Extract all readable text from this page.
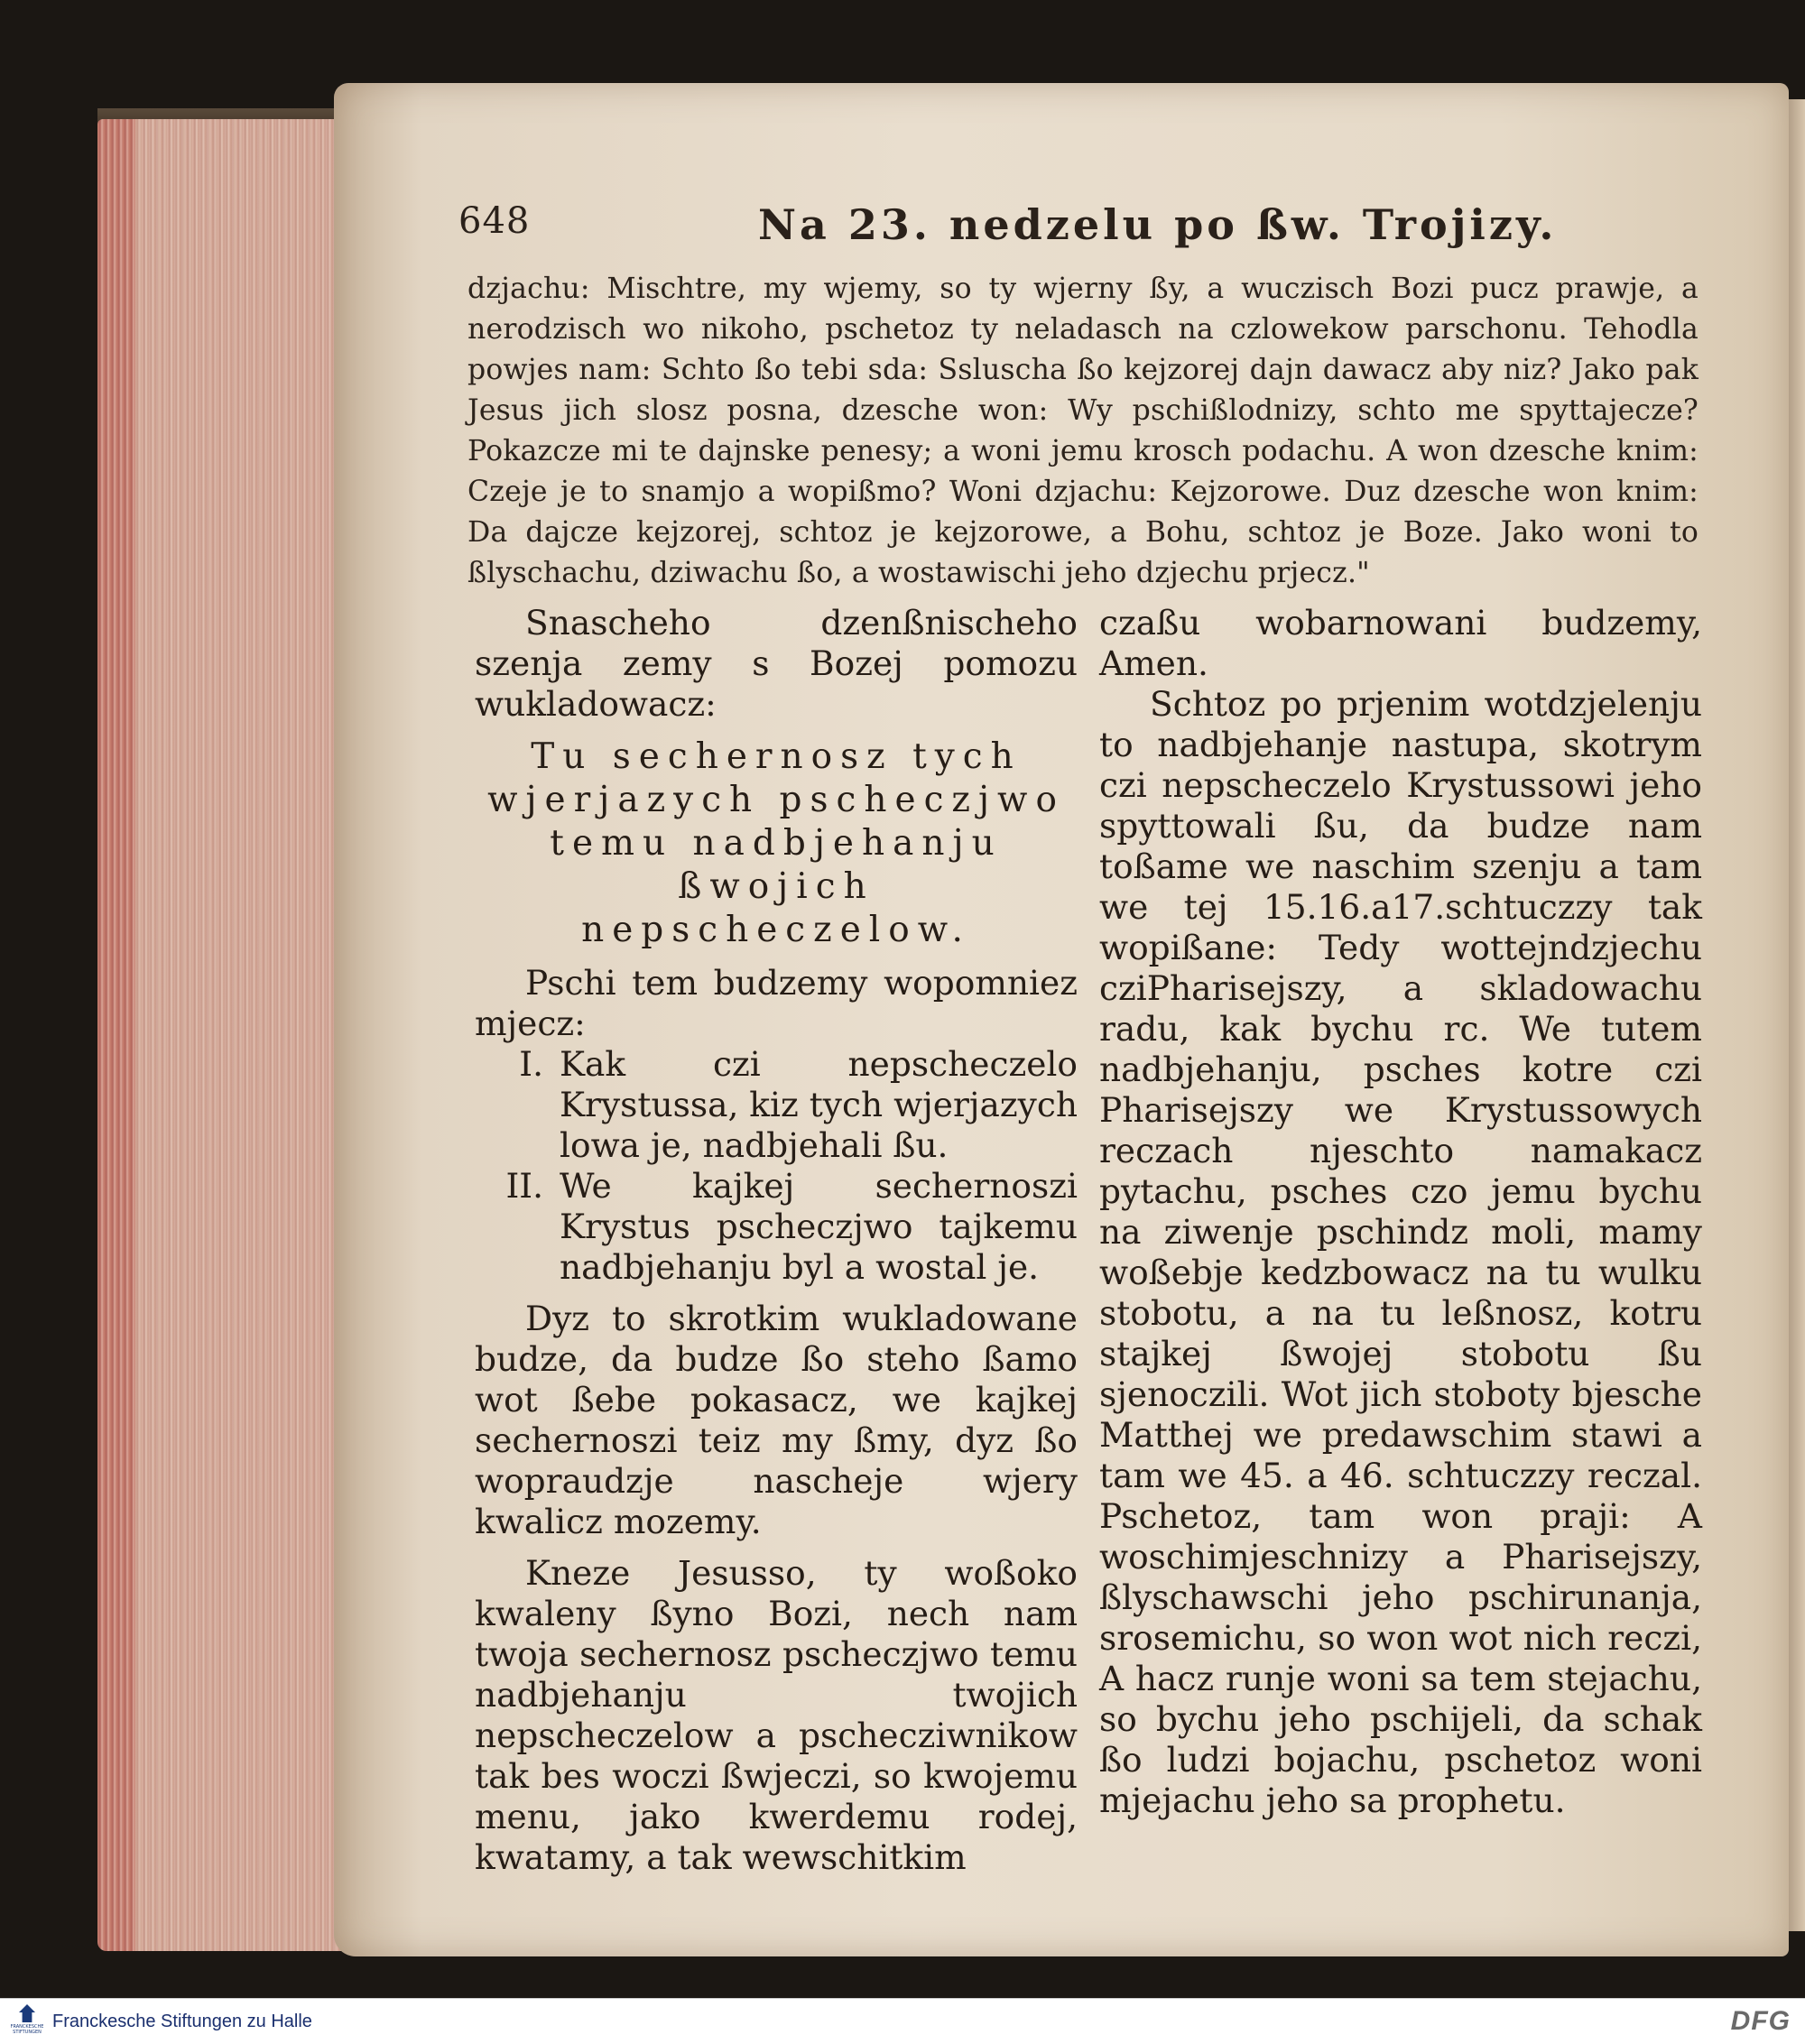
648	Na 23. nedzelu po ßw. Trojizy.

dzjachu: Mischtre, my wjemy, so ty wjerny ßy, a wuczisch Bozi pucz prawje, a nerodzisch wo nikoho, pschetoz ty neladasch na czlowekow parschonu. Tehodla powjes nam: Schto ßo tebi sda: Ssluscha ßo kejzorej dajn dawacz aby niz? Jako pak Jesus jich slosz posna, dzesche won: Wy pschißlodnizy, schto me spyttajecze? Pokazcze mi te dajnske penesy; a woni jemu krosch podachu. A won dzesche knim: Czeje je to snamjo a wopißmo? Woni dzjachu: Kejzorowe. Duz dzesche won knim: Da dajcze kejzorej, schtoz je kejzorowe, a Bohu, schtoz je Boze. Jako woni to ßlyschachu, dziwachu ßo, a wostawischi jeho dzjechu prjecz."

Snascheho dzenßnischeho szenja zemy s Bozej pomozu wukladowacz:

Tu sechernosz tych wjerjazych pscheczjwo temu nadbjehanju ßwojich nepscheczelow.

Pschi tem budzemy wopomniez mjecz:

I. Kak czi nepscheczelo Krystussa, kiz tych wjerjazych lowa je, nadbjehali ßu.
II. We kajkej sechernoszi Krystus pscheczjwo tajkemu nadbjehanju byl a wostal je.

Dyz to skrotkim wukladowane budze, da budze ßo steho ßamo wot ßebe pokasacz, we kajkej sechernoszi teiz my ßmy, dyz ßo wopraudzje nascheje wjery kwalicz mozemy.

Kneze Jesusso, ty woßoko kwaleny ßyno Bozi, nech nam twoja sechernosz pscheczjwo temu nadbjehanju twojich nepscheczelow a pschecziwnikow tak bes woczi ßwjeczi, so kwojemu menu, jako kwerdemu rodej, kwatamy, a tak wewschitkim

czaßu wobarnowani budzemy, Amen.

Schtoz po prjenim wotdzjelenju to nadbjehanje nastupa, skotrym czi nepscheczelo Krystussowi jeho spyttowali ßu, da budze nam toßame we naschim szenju a tam we tej 15.16.a17.schtuczzy tak wopißane: Tedy wottejndzjechu cziPharisejszy, a skladowachu radu, kak bychu rc. We tutem nadbjehanju, psches kotre czi Pharisejszy we Krystussowych reczach njeschto namakacz pytachu, psches czo jemu bychu na ziwenje pschindz moli, mamy woßebje kedzbowacz na tu wulku stobotu, a na tu leßnosz, kotru stajkej ßwojej stobotu ßu sjenoczili. Wot jich stoboty bjesche Matthej we predawschim stawi a tam we 45. a 46. schtuczzy reczal. Pschetoz, tam won praji: A woschimjeschnizy a Pharisejszy, ßlyschawschi jeho pschirunanja, srosemichu, so won wot nich reczi, A hacz runje woni sa tem stejachu, so bychu jeho pschijeli, da schak ßo ludzi bojachu, pschetoz woni mjejachu jeho sa prophetu.

FRANCKESCHE STIFTUNGEN
Franckesche Stiftungen zu Halle	DFG
